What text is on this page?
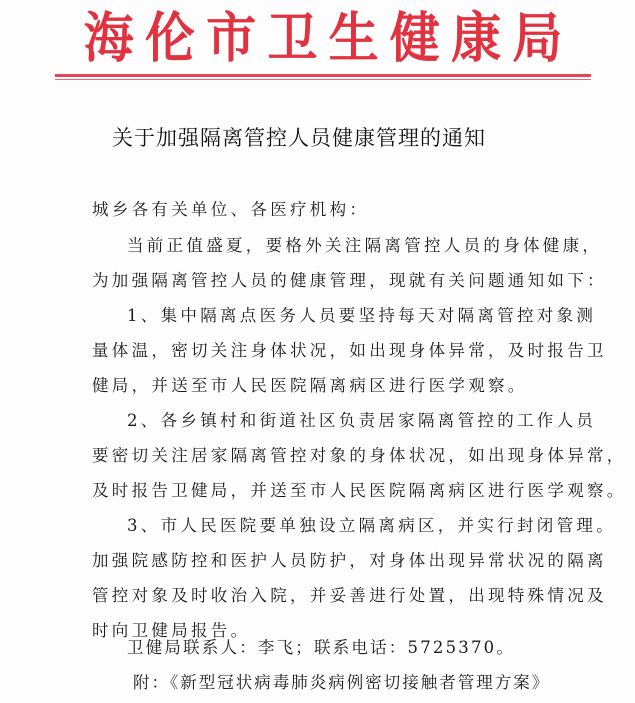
海 伦 市 卫 生 健 康 局
关于加强隔离管控人员健康管理的通知
城乡各有关单位、各医疗机构：
当前正值盛夏，要格外关注隔离管控人员的身体健康，
为加强隔离管控人员的健康管理，现就有关问题通知如下：
1、集中隔离点医务人员要坚持每天对隔离管控对象测
量体温，密切关注身体状况，如出现身体异常，及时报告卫
健局，并送至市人民医院隔离病区进行医学观察。
2、各乡镇村和街道社区负责居家隔离管控的工作人员
要密切关注居家隔离管控对象的身体状况，如出现身体异常，
及时报告卫健局，并送至市人民医院隔离病区进行医学观察。
3、市人民医院要单独设立隔离病区，并实行封闭管理。
加强院感防控和医护人员防护，对身体出现异常状况的隔离
管控对象及时收治入院，并妥善进行处置，出现特殊情况及
时向卫健局报告。
卫健局联系人：李飞；联系电话：5725370。
附：《新型冠状病毒肺炎病例密切接触者管理方案》
